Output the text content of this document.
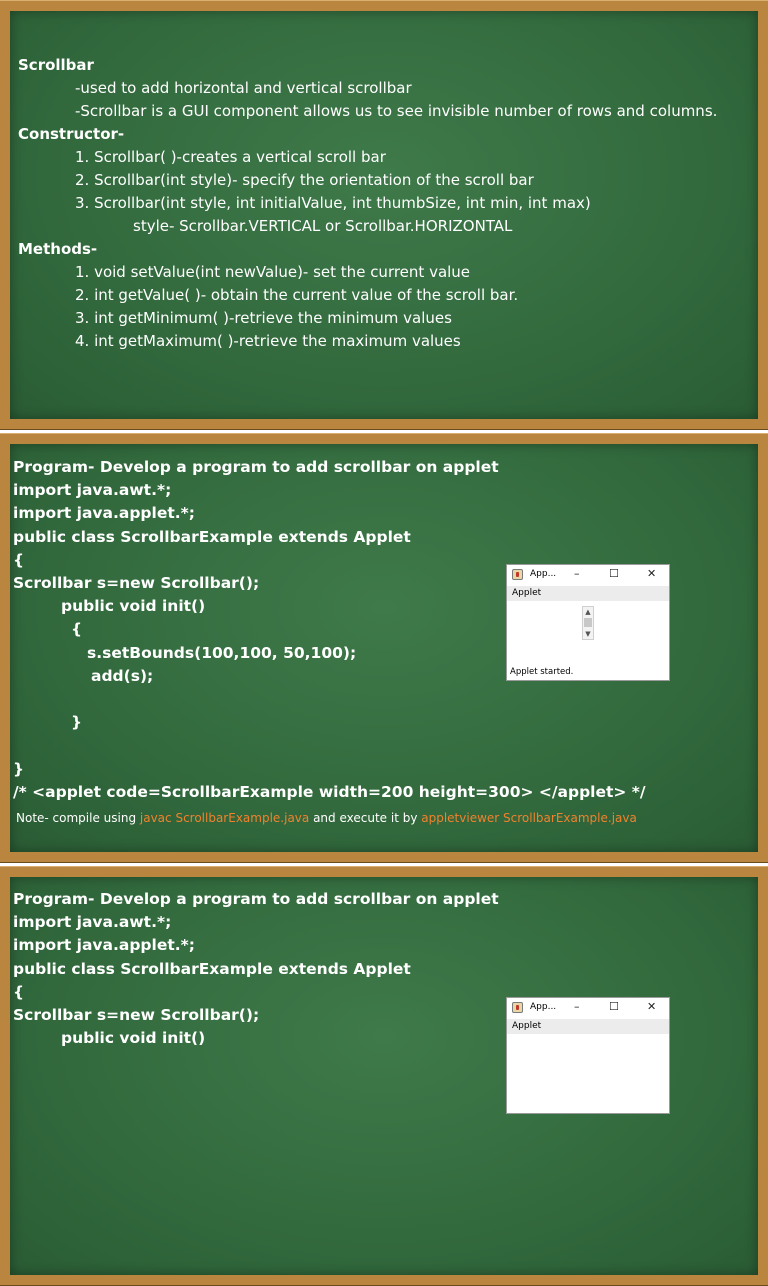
Scrollbar
-used to add horizontal and vertical scrollbar
-Scrollbar is a GUI component allows us to see invisible number of rows and columns.
Constructor-
1. Scrollbar( )-creates a vertical scroll bar
2. Scrollbar(int style)- specify the orientation of the scroll bar
3. Scrollbar(int style, int initialValue, int thumbSize, int min, int max)
style- Scrollbar.VERTICAL or Scrollbar.HORIZONTAL
Methods-
1. void setValue(int newValue)- set the current value
2. int getValue( )- obtain the current value of the scroll bar.
3. int getMinimum( )-retrieve the minimum values
4. int getMaximum( )-retrieve the maximum values
Program- Develop a program to add scrollbar on applet
import java.awt.*;
import java.applet.*;
public class ScrollbarExample extends Applet
{
Scrollbar s=new Scrollbar();
public void init()
{
s.setBounds(100,100, 50,100);
add(s);
}
}
/* <applet code=ScrollbarExample width=200 height=300> </applet> */
Note- compile using javac ScrollbarExample.java and execute it by appletviewer ScrollbarExample.java
App... –	☐	✕
Applet
▲
▼
Applet started.
Program- Develop a program to add scrollbar on applet
import java.awt.*;
import java.applet.*;
public class ScrollbarExample extends Applet
{
Scrollbar s=new Scrollbar();
public void init()
App... –	☐	✕
Applet
